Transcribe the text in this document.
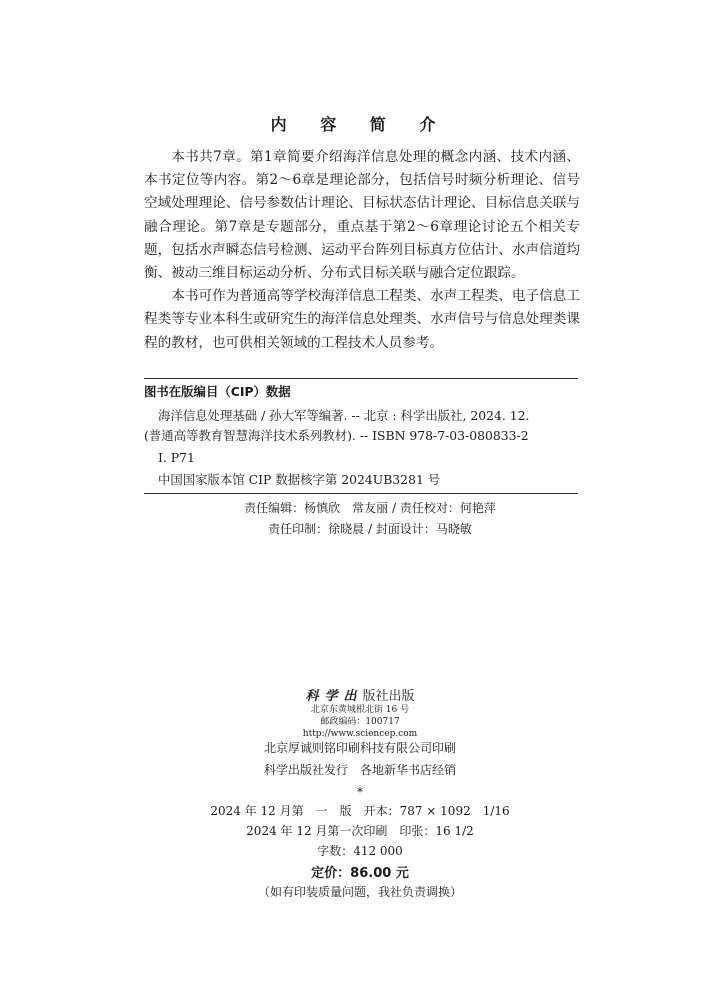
内 容 简 介

本书共7章。第1章简要介绍海洋信息处理的概念内涵、技术内涵、本书定位等内容。第2～6章是理论部分，包括信号时频分析理论、信号空域处理理论、信号参数估计理论、目标状态估计理论、目标信息关联与融合理论。第7章是专题部分，重点基于第2～6章理论讨论五个相关专题，包括水声瞬态信号检测、运动平台阵列目标真方位估计、水声信道均衡、被动三维目标运动分析、分布式目标关联与融合定位跟踪。

本书可作为普通高等学校海洋信息工程类、水声工程类、电子信息工程类等专业本科生或研究生的海洋信息处理类、水声信号与信息处理类课程的教材，也可供相关领域的工程技术人员参考。

图书在版编目（CIP）数据
海洋信息处理基础 / 孙大军等编著. -- 北京 : 科学出版社, 2024. 12.
(普通高等教育智慧海洋技术系列教材). -- ISBN 978-7-03-080833-2
Ⅰ. P71
中国国家版本馆 CIP 数据核字第 2024UB3281 号
责任编辑：杨慎欣　常友丽 / 责任校对：何艳萍
责任印制：徐晓晨 / 封面设计：马晓敏
科学出版社出版
北京东黄城根北街 16 号
邮政编码：100717
http://www.sciencep.com
北京厚诚则铭印刷科技有限公司印刷
科学出版社发行　各地新华书店经销
*
2024 年 12 月第　一　版　开本：787 × 1092　1/16
2024 年 12 月第一次印刷　印张：16 1/2
字数：412 000
定价：86.00 元
（如有印装质量问题，我社负责调换）
